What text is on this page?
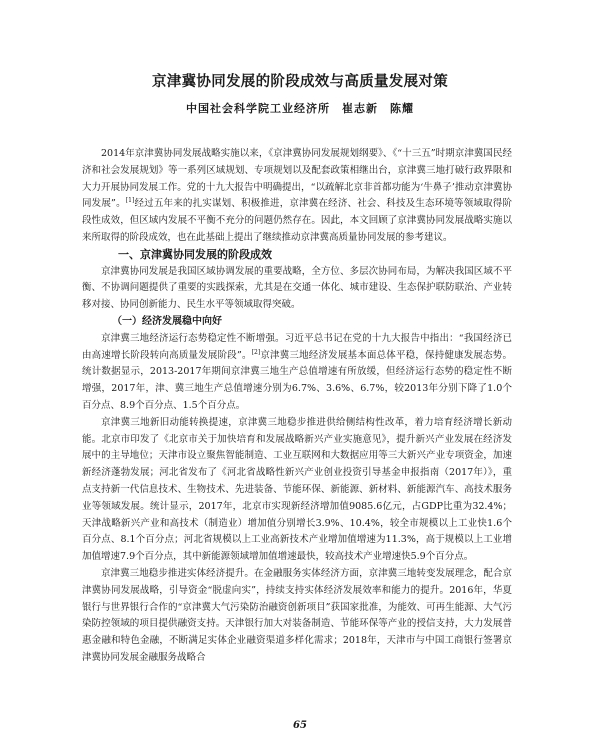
京津冀协同发展的阶段成效与高质量发展对策
中国社会科学院工业经济所　崔志新　陈耀

2014年京津冀协同发展战略实施以来，《京津冀协同发展规划纲要》、《“十三五”时期京津冀国民经济和社会发展规划》等一系列区域规划、专项规划以及配套政策相继出台，京津冀三地打破行政界限和大力开展协同发展工作。党的十九大报告中明确提出，“以疏解北京非首都功能为‘牛鼻子’推动京津冀协同发展”。[1]经过五年来的扎实谋划、积极推进，京津冀在经济、社会、科技及生态环境等领域取得阶段性成效，但区域内发展不平衡不充分的问题仍然存在。因此，本文回顾了京津冀协同发展战略实施以来所取得的阶段成效，也在此基础上提出了继续推动京津冀高质量协同发展的参考建议。

一、京津冀协同发展的阶段成效

京津冀协同发展是我国区域协调发展的重要战略，全方位、多层次协同布局，为解决我国区域不平衡、不协调问题提供了重要的实践探索，尤其是在交通一体化、城市建设、生态保护联防联治、产业转移对接、协同创新能力、民生水平等领域取得突破。

（一）经济发展稳中向好

京津冀三地经济运行态势稳定性不断增强。习近平总书记在党的十九大报告中指出：“我国经济已由高速增长阶段转向高质量发展阶段”。[2]京津冀三地经济发展基本面总体平稳，保持健康发展态势。统计数据显示，2013-2017年期间京津冀三地生产总值增速有所放缓，但经济运行态势的稳定性不断增强，2017年，津、冀三地生产总值增速分别为6.7%、3.6%、6.7%，较2013年分别下降了1.0个百分点、8.9个百分点、1.5个百分点。

京津冀三地新旧动能转换提速，京津冀三地稳步推进供给侧结构性改革，着力培育经济增长新动能。北京市印发了《北京市关于加快培育和发展战略新兴产业实施意见》，提升新兴产业发展在经济发展中的主导地位；天津市设立聚焦智能制造、工业互联网和大数据应用等三大新兴产业专项资金，加速新经济蓬勃发展；河北省发布了《河北省战略性新兴产业创业投资引导基金申报指南（2017年）》，重点支持新一代信息技术、生物技术、先进装备、节能环保、新能源、新材料、新能源汽车、高技术服务业等领域发展。统计显示，2017年，北京市实现新经济增加值9085.6亿元，占GDP比重为32.4%；天津战略新兴产业和高技术（制造业）增加值分别增长3.9%、10.4%，较全市规模以上工业快1.6个百分点、8.1个百分点；河北省规模以上工业高新技术产业增加值增速为11.3%，高于规模以上工业增加值增速7.9个百分点，其中新能源领域增加值增速最快，较高技术产业增速快5.9个百分点。

京津冀三地稳步推进实体经济提升。在金融服务实体经济方面，京津冀三地转变发展理念，配合京津冀协同发展战略，引导资金“脱虚向实”，持续支持实体经济发展效率和能力的提升。2016年，华夏银行与世界银行合作的“京津冀大气污染防治融资创新项目”获国家批准，为能效、可再生能源、大气污染防控领域的项目提供融资支持。天津银行加大对装备制造、节能环保等产业的授信支持，大力发展普惠金融和特色金融，不断满足实体企业融资渠道多样化需求；2018年，天津市与中国工商银行签署京津冀协同发展金融服务战略合

65
